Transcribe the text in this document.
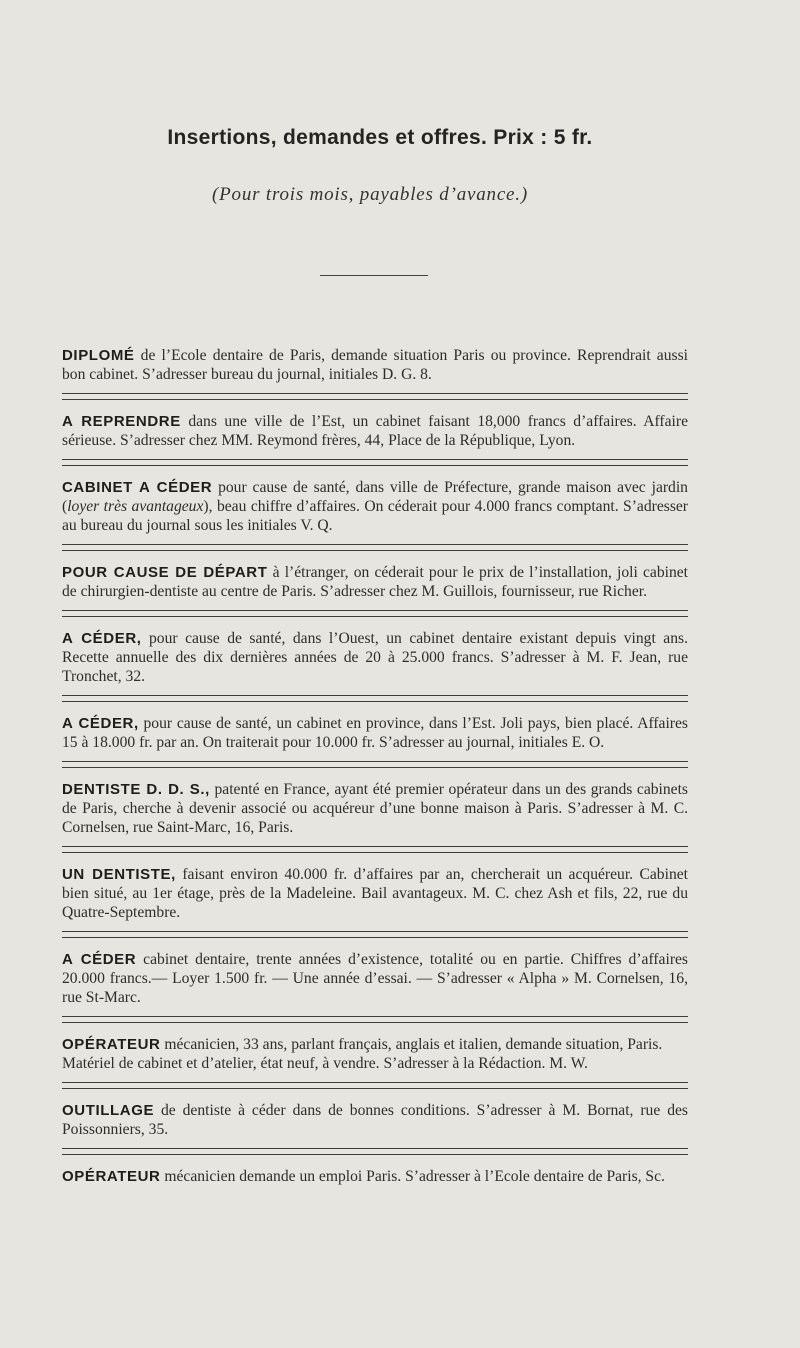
Insertions, demandes et offres. Prix : 5 fr.
(Pour trois mois, payables d’avance.)

DIPLOMÉ de l’Ecole dentaire de Paris, demande situation Paris ou province. Reprendrait aussi bon cabinet. S’adresser bureau du journal, initiales D. G. 8.

A REPRENDRE dans une ville de l’Est, un cabinet faisant 18,000 francs d’affaires. Affaire sérieuse. S’adresser chez MM. Reymond frères, 44, Place de la République, Lyon.

CABINET A CÉDER pour cause de santé, dans ville de Préfecture, grande maison avec jardin (loyer très avantageux), beau chiffre d’affaires. On céderait pour 4.000 francs comptant. S’adresser au bureau du journal sous les initiales V. Q.

POUR CAUSE DE DÉPART à l’étranger, on céderait pour le prix de l’installation, joli cabinet de chirurgien-dentiste au centre de Paris. S’adresser chez M. Guillois, fournisseur, rue Richer.

A CÉDER, pour cause de santé, dans l’Ouest, un cabinet dentaire existant depuis vingt ans. Recette annuelle des dix dernières années de 20 à 25.000 francs. S’adresser à M. F. Jean, rue Tronchet, 32.

A CÉDER, pour cause de santé, un cabinet en province, dans l’Est. Joli pays, bien placé. Affaires 15 à 18.000 fr. par an. On traiterait pour 10.000 fr. S’adresser au journal, initiales E. O.

DENTISTE D. D. S., patenté en France, ayant été premier opérateur dans un des grands cabinets de Paris, cherche à devenir associé ou acquéreur d’une bonne maison à Paris. S’adresser à M. C. Cornelsen, rue Saint-Marc, 16, Paris.

UN DENTISTE, faisant environ 40.000 fr. d’affaires par an, chercherait un acquéreur. Cabinet bien situé, au 1er étage, près de la Madeleine. Bail avantageux. M. C. chez Ash et fils, 22, rue du Quatre-Septembre.

A CÉDER cabinet dentaire, trente années d’existence, totalité ou en partie. Chiffres d’affaires 20.000 francs.— Loyer 1.500 fr. — Une année d’essai. — S’adresser « Alpha » M. Cornelsen, 16, rue St-Marc.

OPÉRATEUR mécanicien, 33 ans, parlant français, anglais et italien, demande situation, Paris.
Matériel de cabinet et d’atelier, état neuf, à vendre. S’adresser à la Rédaction. M. W.

OUTILLAGE de dentiste à céder dans de bonnes conditions. S’adresser à M. Bornat, rue des Poissonniers, 35.

OPÉRATEUR mécanicien demande un emploi Paris. S’adresser à l’Ecole dentaire de Paris, Sc.
